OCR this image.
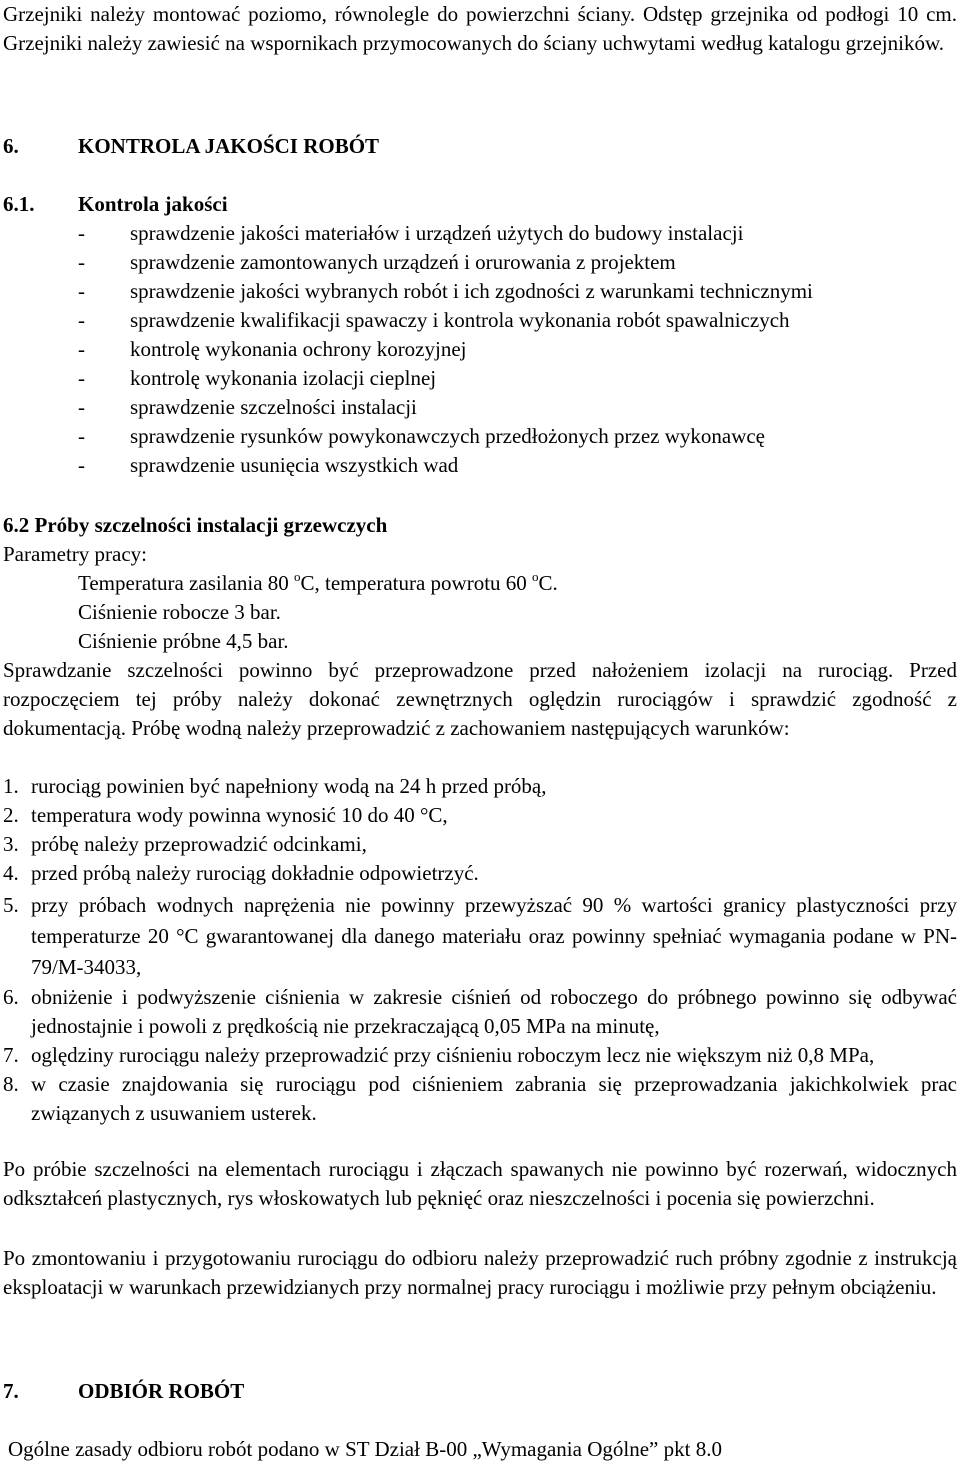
Grzejniki należy montować poziomo, równolegle do powierzchni ściany. Odstęp grzejnika od podłogi 10 cm. Grzejniki należy zawiesić na wspornikach przymocowanych do ściany uchwytami według katalogu grzejników.

6.	KONTROLA JAKOŚCI ROBÓT
6.1. Kontrola jakości
- sprawdzenie jakości materiałów i urządzeń użytych do budowy instalacji
- sprawdzenie zamontowanych urządzeń i orurowania z projektem
- sprawdzenie jakości wybranych robót i ich zgodności z warunkami technicznymi
- sprawdzenie kwalifikacji spawaczy i kontrola wykonania robót spawalniczych
- kontrolę wykonania ochrony korozyjnej
- kontrolę wykonania izolacji cieplnej
- sprawdzenie szczelności instalacji
- sprawdzenie rysunków powykonawczych przedłożonych przez wykonawcę
- sprawdzenie usunięcia wszystkich wad
6.2 Próby szczelności instalacji grzewczych
Parametry pracy:
Temperatura zasilania 80 $^o$C, temperatura powrotu 60 $^o$C.
Ciśnienie robocze 3 bar.
Ciśnienie próbne 4,5 bar.

Sprawdzanie szczelności powinno być przeprowadzone przed nałożeniem izolacji na rurociąg. Przed rozpoczęciem tej próby należy dokonać zewnętrznych oględzin rurociągów i sprawdzić zgodność z dokumentacją. Próbę wodną należy przeprowadzić z zachowaniem następujących warunków:

1. rurociąg powinien być napełniony wodą na 24 h przed próbą,
2. temperatura wody powinna wynosić 10 do 40 °C,
3. próbę należy przeprowadzić odcinkami,
4. przed próbą należy rurociąg dokładnie odpowietrzyć.
5. przy próbach wodnych naprężenia nie powinny przewyższać 90 % wartości granicy plastyczności przy temperaturze 20 °C gwarantowanej dla danego materiału oraz powinny spełniać wymagania podane w PN-79/M-34033,
6. obniżenie i podwyższenie ciśnienia w zakresie ciśnień od roboczego do próbnego powinno się odbywać jednostajnie i powoli z prędkością nie przekraczającą 0,05 MPa na minutę,
7. oględziny rurociągu należy przeprowadzić przy ciśnieniu roboczym lecz nie większym niż 0,8 MPa,
8. w czasie znajdowania się rurociągu pod ciśnieniem zabrania się przeprowadzania jakichkolwiek prac związanych z usuwaniem usterek.

Po próbie szczelności na elementach rurociągu i złączach spawanych nie powinno być rozerwań, widocznych odkształceń plastycznych, rys włoskowatych lub pęknięć oraz nieszczelności i pocenia się powierzchni.

Po zmontowaniu i przygotowaniu rurociągu do odbioru należy przeprowadzić ruch próbny zgodnie z instrukcją eksploatacji w warunkach przewidzianych przy normalnej pracy rurociągu i możliwie przy pełnym obciążeniu.

7.	ODBIÓR ROBÓT
Ogólne zasady odbioru robót podano w ST Dział B-00 „Wymagania Ogólne” pkt 8.0
